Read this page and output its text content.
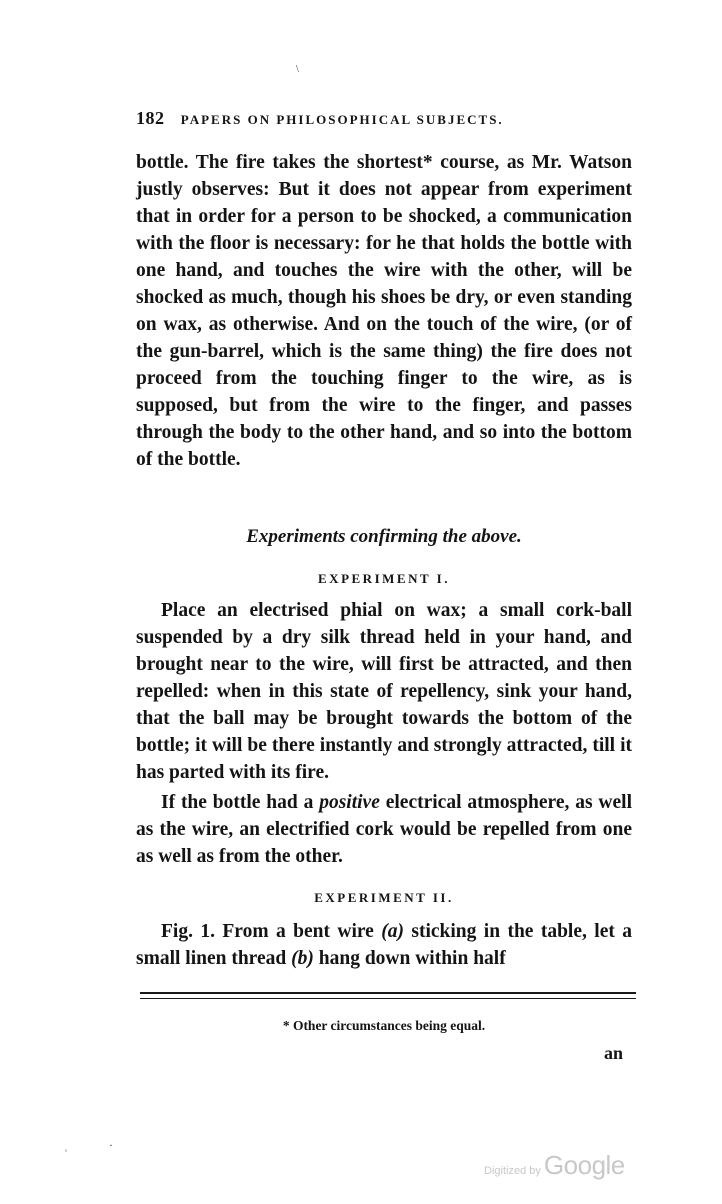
\
182 PAPERS ON PHILOSOPHICAL SUBJECTS.

bottle. The fire takes the shortest* course, as Mr. Watson justly observes: But it does not appear from experiment that in order for a person to be shocked, a communication with the floor is necessary: for he that holds the bottle with one hand, and touches the wire with the other, will be shocked as much, though his shoes be dry, or even standing on wax, as otherwise. And on the touch of the wire, (or of the gun-barrel, which is the same thing) the fire does not proceed from the touching finger to the wire, as is supposed, but from the wire to the finger, and passes through the body to the other hand, and so into the bottom of the bottle.

Experiments confirming the above.
EXPERIMENT I.

Place an electrised phial on wax; a small cork-ball suspended by a dry silk thread held in your hand, and brought near to the wire, will first be attracted, and then repelled: when in this state of repellency, sink your hand, that the ball may be brought towards the bottom of the bottle; it will be there instantly and strongly attracted, till it has parted with its fire.

If the bottle had a positive electrical atmosphere, as well as the wire, an electrified cork would be repelled from one as well as from the other.

EXPERIMENT II.

Fig. 1. From a bent wire (a) sticking in the table, let a small linen thread (b) hang down within half

* Other circumstances being equal.
an
ˌ	·
Digitized by Google
